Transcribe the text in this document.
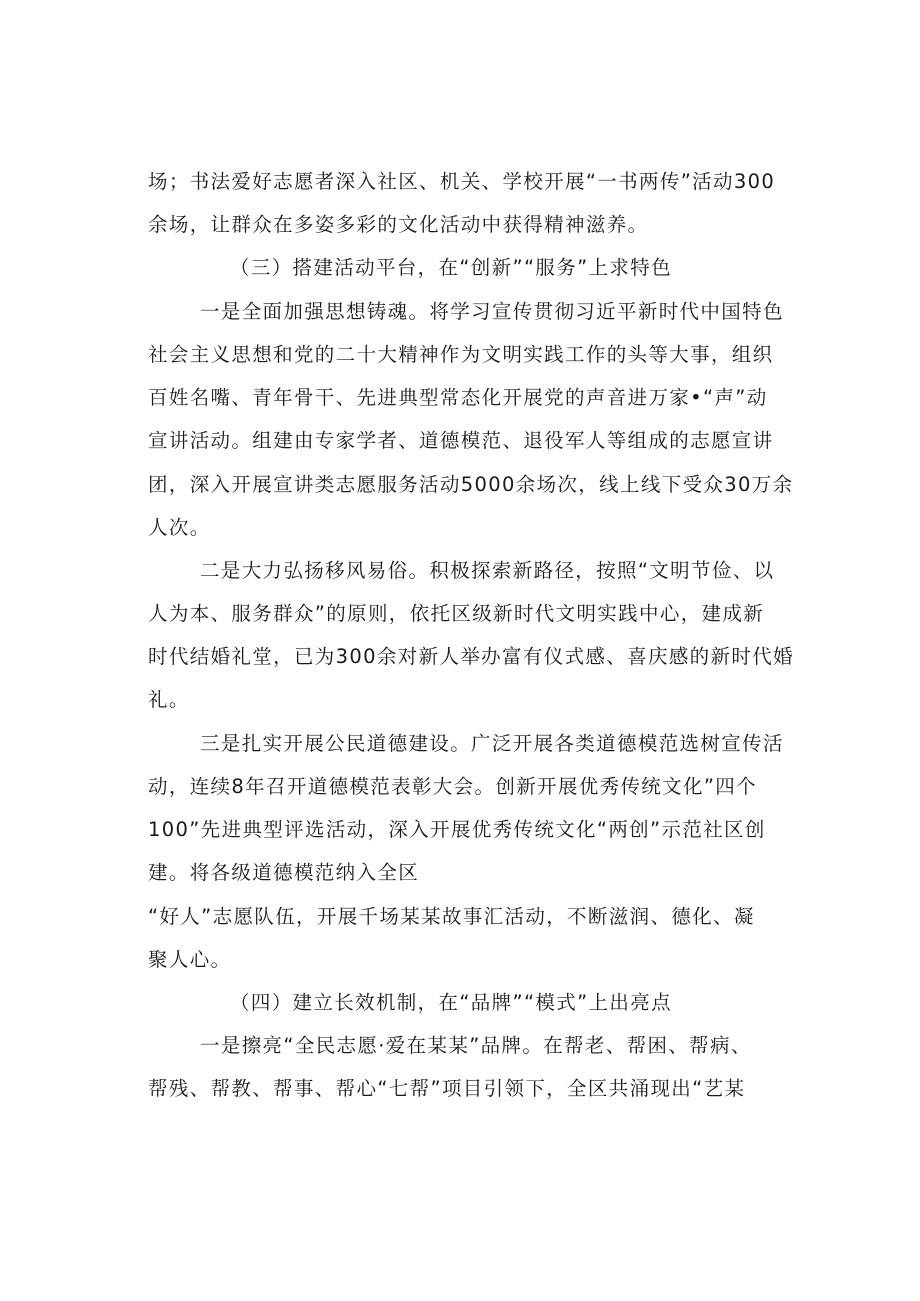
场；书法爱好志愿者深入社区、机关、学校开展“一书两传”活动300
余场，让群众在多姿多彩的文化活动中获得精神滋养。
（三）搭建活动平台，在“创新”“服务”上求特色
一是全面加强思想铸魂。将学习宣传贯彻习近平新时代中国特色
社会主义思想和党的二十大精神作为文明实践工作的头等大事，组织
百姓名嘴、青年骨干、先进典型常态化开展党的声音进万家•“声”动
宣讲活动。组建由专家学者、道德模范、退役军人等组成的志愿宣讲
团，深入开展宣讲类志愿服务活动5000余场次，线上线下受众30万余
人次。
二是大力弘扬移风易俗。积极探索新路径，按照“文明节俭、以
人为本、服务群众”的原则，依托区级新时代文明实践中心，建成新
时代结婚礼堂，已为300余对新人举办富有仪式感、喜庆感的新时代婚
礼。
三是扎实开展公民道德建设。广泛开展各类道德模范选树宣传活
动，连续8年召开道德模范表彰大会。创新开展优秀传统文化”四个
100”先进典型评选活动，深入开展优秀传统文化“两创”示范社区创
建。将各级道德模范纳入全区
“好人”志愿队伍，开展千场某某故事汇活动，不断滋润、德化、凝
聚人心。
（四）建立长效机制，在“品牌”“模式”上出亮点
一是擦亮“全民志愿·爱在某某”品牌。在帮老、帮困、帮病、
帮残、帮教、帮事、帮心“七帮”项目引领下，全区共涌现出“艺某
